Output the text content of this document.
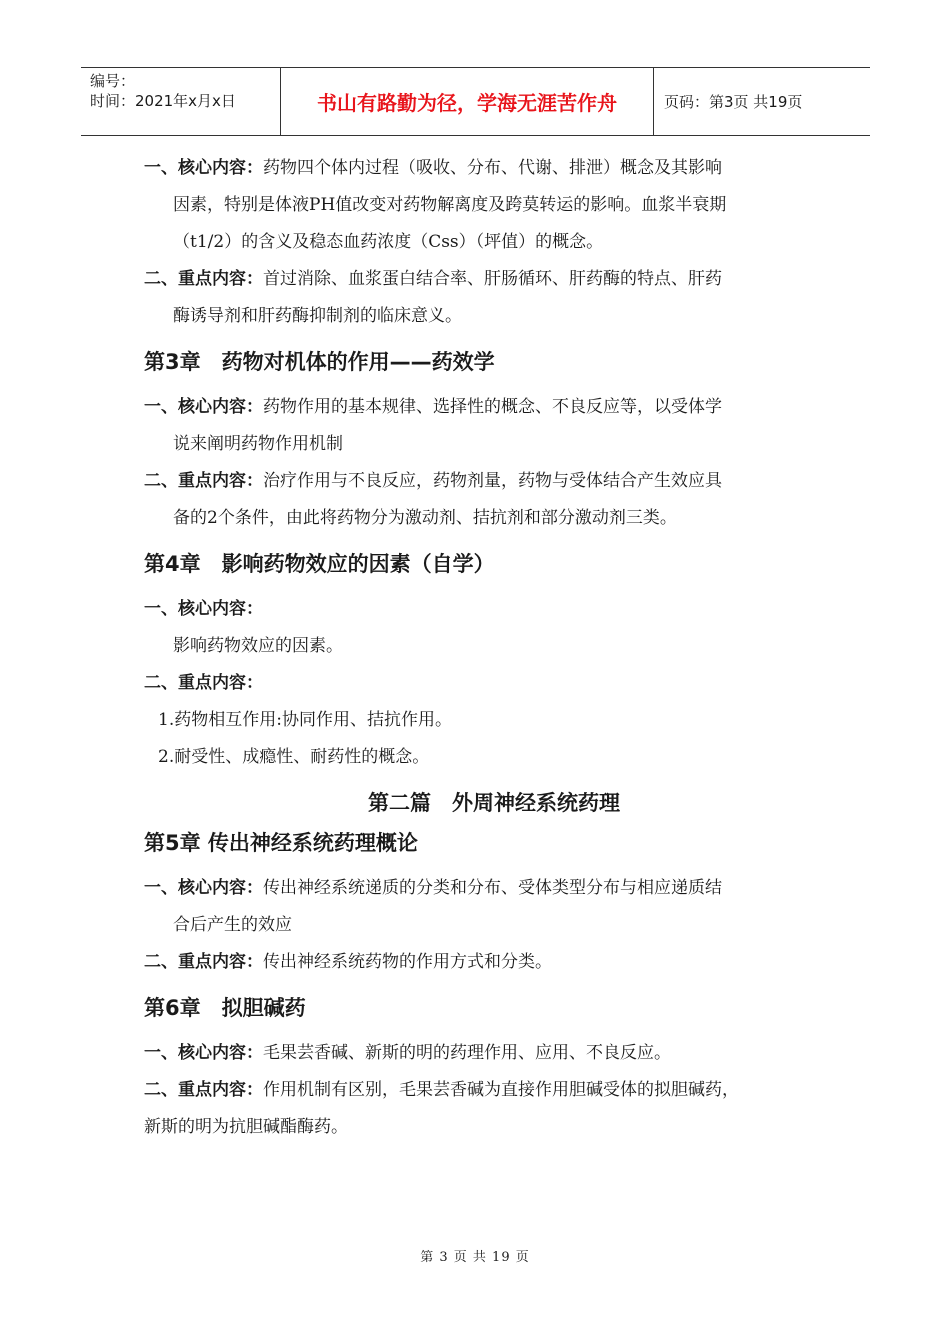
编号：
时间：2021年x月x日	书山有路勤为径，学海无涯苦作舟	页码：第3页 共19页

一、核心内容：药物四个体内过程（吸收、分布、代谢、排泄）概念及其影响

因素，特别是体液PH值改变对药物解离度及跨莫转运的影响。血浆半衰期

（t1/2）的含义及稳态血药浓度（Css）（坪值）的概念。

二、重点内容：首过消除、血浆蛋白结合率、肝肠循环、肝药酶的特点、肝药

酶诱导剂和肝药酶抑制剂的临床意义。

第3章　药物对机体的作用——药效学

一、核心内容：药物作用的基本规律、选择性的概念、不良反应等，以受体学

说来阐明药物作用机制

二、重点内容：治疗作用与不良反应，药物剂量，药物与受体结合产生效应具

备的2个条件，由此将药物分为激动剂、拮抗剂和部分激动剂三类。

第4章　影响药物效应的因素（自学）

一、核心内容：

影响药物效应的因素。

二、重点内容：

1.药物相互作用:协同作用、拮抗作用。

2.耐受性、成瘾性、耐药性的概念。

第二篇　外周神经系统药理
第5章 传出神经系统药理概论

一、核心内容：传出神经系统递质的分类和分布、受体类型分布与相应递质结

合后产生的效应

二、重点内容：传出神经系统药物的作用方式和分类。

第6章　拟胆碱药

一、核心内容：毛果芸香碱、新斯的明的药理作用、应用、不良反应。

二、重点内容：作用机制有区别，毛果芸香碱为直接作用胆碱受体的拟胆碱药，

新斯的明为抗胆碱酯酶药。

第 3 页 共 19 页
